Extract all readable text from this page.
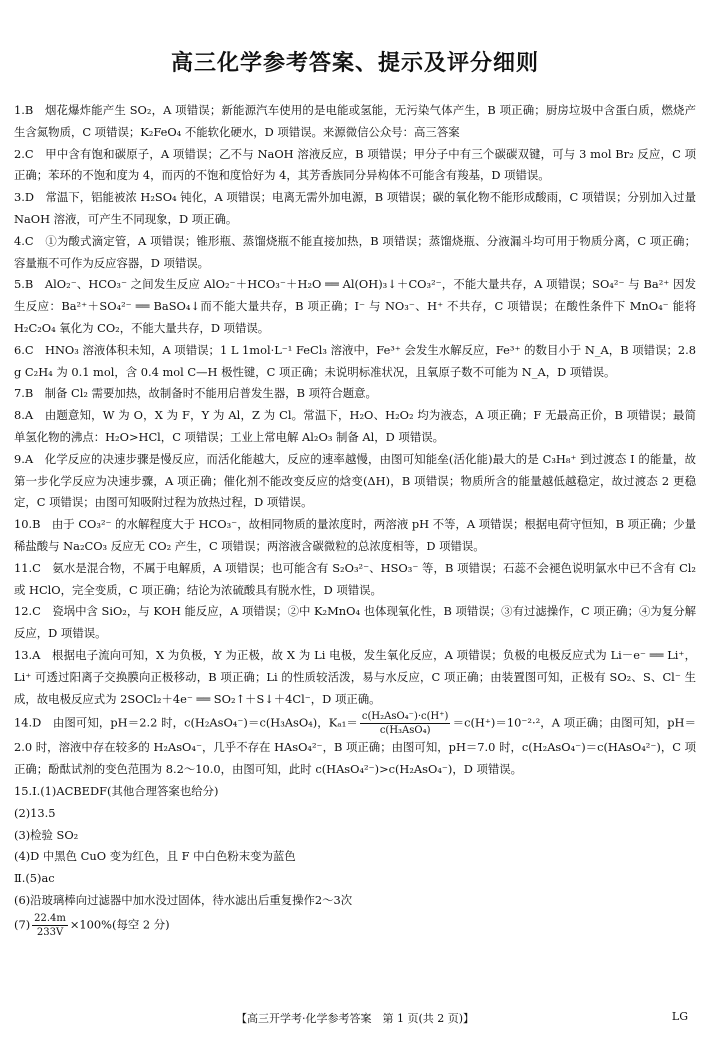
高三化学参考答案、提示及评分细则

1.B　烟花爆炸能产生 SO₂，A 项错误；新能源汽车使用的是电能或氢能，无污染气体产生，B 项正确；厨房垃圾中含蛋白质，燃烧产生含氮物质，C 项错误；K₂FeO₄ 不能软化硬水，D 项错误。来源微信公众号：高三答案

2.C　甲中含有饱和碳原子，A 项错误；乙不与 NaOH 溶液反应，B 项错误；甲分子中有三个碳碳双键，可与 3 mol Br₂ 反应，C 项正确；苯环的不饱和度为 4，而丙的不饱和度恰好为 4，其芳香族同分异构体不可能含有羧基，D 项错误。

3.D　常温下，铝能被浓 H₂SO₄ 钝化，A 项错误；电离无需外加电源，B 项错误；碳的氧化物不能形成酸雨，C 项错误；分别加入过量 NaOH 溶液，可产生不同现象，D 项正确。

4.C　①为酸式滴定管，A 项错误；锥形瓶、蒸馏烧瓶不能直接加热，B 项错误；蒸馏烧瓶、分液漏斗均可用于物质分离，C 项正确；容量瓶不可作为反应容器，D 项错误。

5.B　AlO₂⁻、HCO₃⁻ 之间发生反应 AlO₂⁻＋HCO₃⁻＋H₂O ══ Al(OH)₃↓＋CO₃²⁻，不能大量共存，A 项错误；SO₄²⁻ 与 Ba²⁺ 因发生反应：Ba²⁺＋SO₄²⁻ ══ BaSO₄↓而不能大量共存，B 项正确；I⁻ 与 NO₃⁻、H⁺ 不共存，C 项错误；在酸性条件下 MnO₄⁻ 能将 H₂C₂O₄ 氧化为 CO₂，不能大量共存，D 项错误。

6.C　HNO₃ 溶液体积未知，A 项错误；1 L 1mol·L⁻¹ FeCl₃ 溶液中，Fe³⁺ 会发生水解反应，Fe³⁺ 的数目小于 N_A，B 项错误；2.8 g C₂H₄ 为 0.1 mol，含 0.4 mol C—H 极性键，C 项正确；未说明标准状况，且氧原子数不可能为 N_A，D 项错误。

7.B　制备 Cl₂ 需要加热，故制备时不能用启普发生器，B 项符合题意。

8.A　由题意知，W 为 O，X 为 F，Y 为 Al，Z 为 Cl。常温下，H₂O、H₂O₂ 均为液态，A 项正确；F 无最高正价，B 项错误；最简单氢化物的沸点：H₂O>HCl，C 项错误；工业上常电解 Al₂O₃ 制备 Al，D 项错误。

9.A　化学反应的决速步骤是慢反应，而活化能越大，反应的速率越慢，由图可知能垒(活化能)最大的是 C₃H₈⁺ 到过渡态 I 的能量，故第一步化学反应为决速步骤，A 项正确；催化剂不能改变反应的焓变(ΔH)，B 项错误；物质所含的能量越低越稳定，故过渡态 2 更稳定，C 项错误；由图可知吸附过程为放热过程，D 项错误。

10.B　由于 CO₃²⁻ 的水解程度大于 HCO₃⁻，故相同物质的量浓度时，两溶液 pH 不等，A 项错误；根据电荷守恒知，B 项正确；少量稀盐酸与 Na₂CO₃ 反应无 CO₂ 产生，C 项错误；两溶液含碳微粒的总浓度相等，D 项错误。

11.C　氨水是混合物，不属于电解质，A 项错误；也可能含有 S₂O₃²⁻、HSO₃⁻ 等，B 项错误；石蕊不会褪色说明氯水中已不含有 Cl₂ 或 HClO，完全变质，C 项正确；结论为浓硫酸具有脱水性，D 项错误。

12.C　瓷埚中含 SiO₂，与 KOH 能反应，A 项错误；②中 K₂MnO₄ 也体现氧化性，B 项错误；③有过滤操作，C 项正确；④为复分解反应，D 项错误。

13.A　根据电子流向可知，X 为负极，Y 为正极，故 X 为 Li 电极，发生氧化反应，A 项错误；负极的电极反应式为 Li－e⁻ ══ Li⁺，Li⁺ 可透过阳离子交换膜向正极移动，B 项正确；Li 的性质较活泼，易与水反应，C 项正确；由装置图可知，正极有 SO₂、S、Cl⁻ 生成，故电极反应式为 2SOCl₂＋4e⁻ ══ SO₂↑＋S↓＋4Cl⁻，D 项正确。

14.D　由图可知，pH＝2.2 时，c(H₂AsO₄⁻)＝c(H₃AsO₄)，$K_{a1}= \frac{\text{c(H₂AsO₄⁻)·c(H⁺)}}{\text{c(H₃AsO₄)}} =c(H^+)=10^{-2}\cdot^2$，A 项正确；由图可知，pH＝2.0 时，溶液中存在较多的 H₂AsO₄⁻，几乎不存在 HAsO₄²⁻，B 项正确；由图可知，pH＝7.0 时，c(H₂AsO₄⁻)＝c(HAsO₄²⁻)，C 项正确；酚酞试剂的变色范围为 8.2～10.0，由图可知，此时 c(HAsO₄²⁻)>c(H₂AsO₄⁻)，D 项错误。

15.Ⅰ.(1)ACBEDF(其他合理答案也给分)

(2)13.5

(3)检验 SO₂

(4)D 中黑色 CuO 变为红色，且 F 中白色粉末变为蓝色

Ⅱ.(5)ac

(6)沿玻璃棒向过滤器中加水没过固体，待水滤出后重复操作2～3次

$(7) \frac{22.4m}{233V} \times 100\%$(每空 2 分)

【高三开学考·化学参考答案　第 1 页(共 2 页)】	LG
